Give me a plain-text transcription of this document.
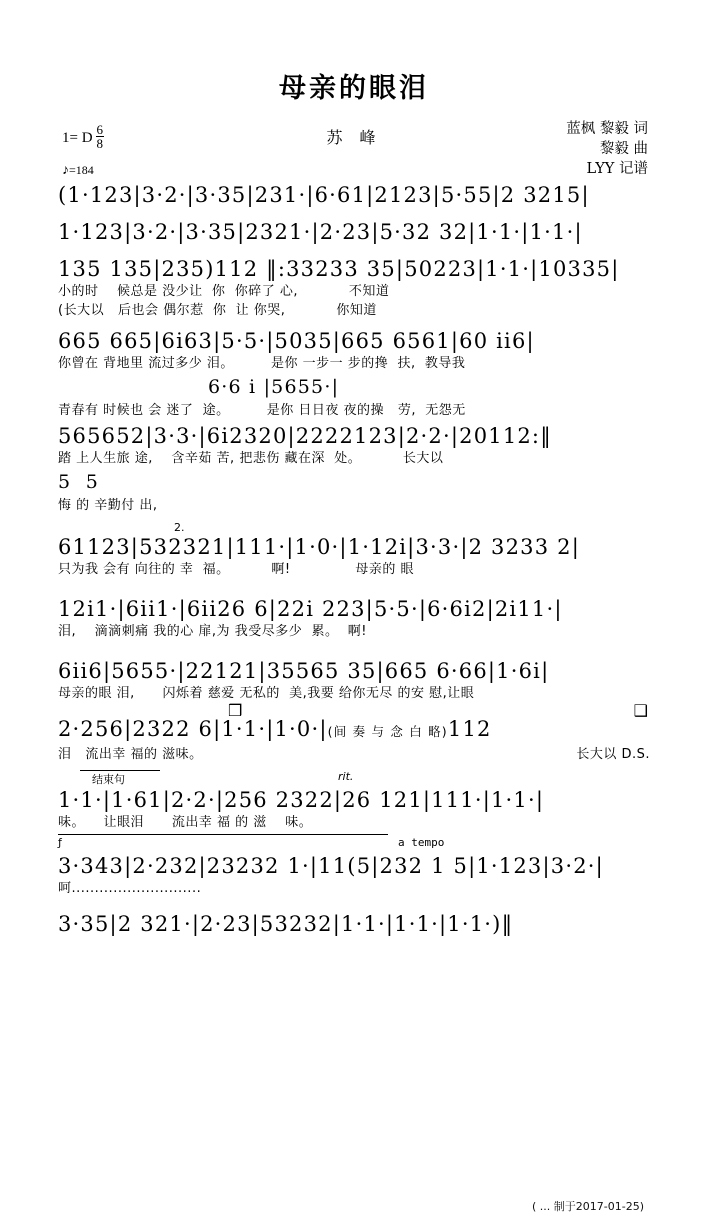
母亲的眼泪
1= D $\frac{6}{8}$	苏 峰	蓝枫 黎毅 词
黎毅 曲
LYY 记谱
♪=184
(1·123|3·2·|3·35|231·|6·61|2123|5·55|2 3215|
1·123|3·2·|3·35|2321·|2·23|5·32 32|1·1·|1·1·|
135 135|235)112 ‖:33233 35|50223|1·1·|10335|
小的时    候总是 没少让  你  你碎了 心,           不知道
(长大以   后也会 偶尔惹  你  让 你哭,           你知道
665 665|6i63|5·5·|5035|665 6561|60 ii6|
你曾在 背地里 流过多少 泪。        是你 一步一 步的搀  扶,  教导我
6·6 i |5655·|
青春有 时候也 会 迷了  途。        是你 日日夜 夜的操   劳,  无怨无
565652|3·3·|6i2320|2222123|2·2·|20112:‖
踏 上人生旅 途,    含辛茹 苦, 把悲伤 藏在深  处。         长大以
5  5
悔 的 辛勤付 出,
2.
61123|532321|111·|1·0·|1·12i|3·3·|2 3233 2|
只为我 会有 向往的 幸  福。         啊!              母亲的 眼
12i1·|6ii1·|6ii26 6|22i 223|5·5·|6·6i2|2i11·|
泪,    滴滴刺痛 我的心 扉,为 我受尽多少  累。  啊!
6ii6|5655·|22121|35565 35|665 6·66|1·6i|
母亲的眼 泪,      闪烁着 慈爱 无私的  美,我要 给你无尽 的安 慰,让眼
❒	❑
2·256|2322 6|1·1·|1·0·|(间 奏 与 念 白 略)112
泪   流出幸 福的 滋味。	长大以 D.S.
结束句	rit.
1·1·|1·61|2·2·|256 2322|26 121|111·|1·1·|
味。    让眼泪      流出幸 福 的 滋    味。
ƒ	a tempo
3·343|2·232|23232 1·|11(5|232 1 5|1·123|3·2·|
呵............................
3·35|2 321·|2·23|53232|1·1·|1·1·|1·1·)‖
( ... 制于2017-01-25)
